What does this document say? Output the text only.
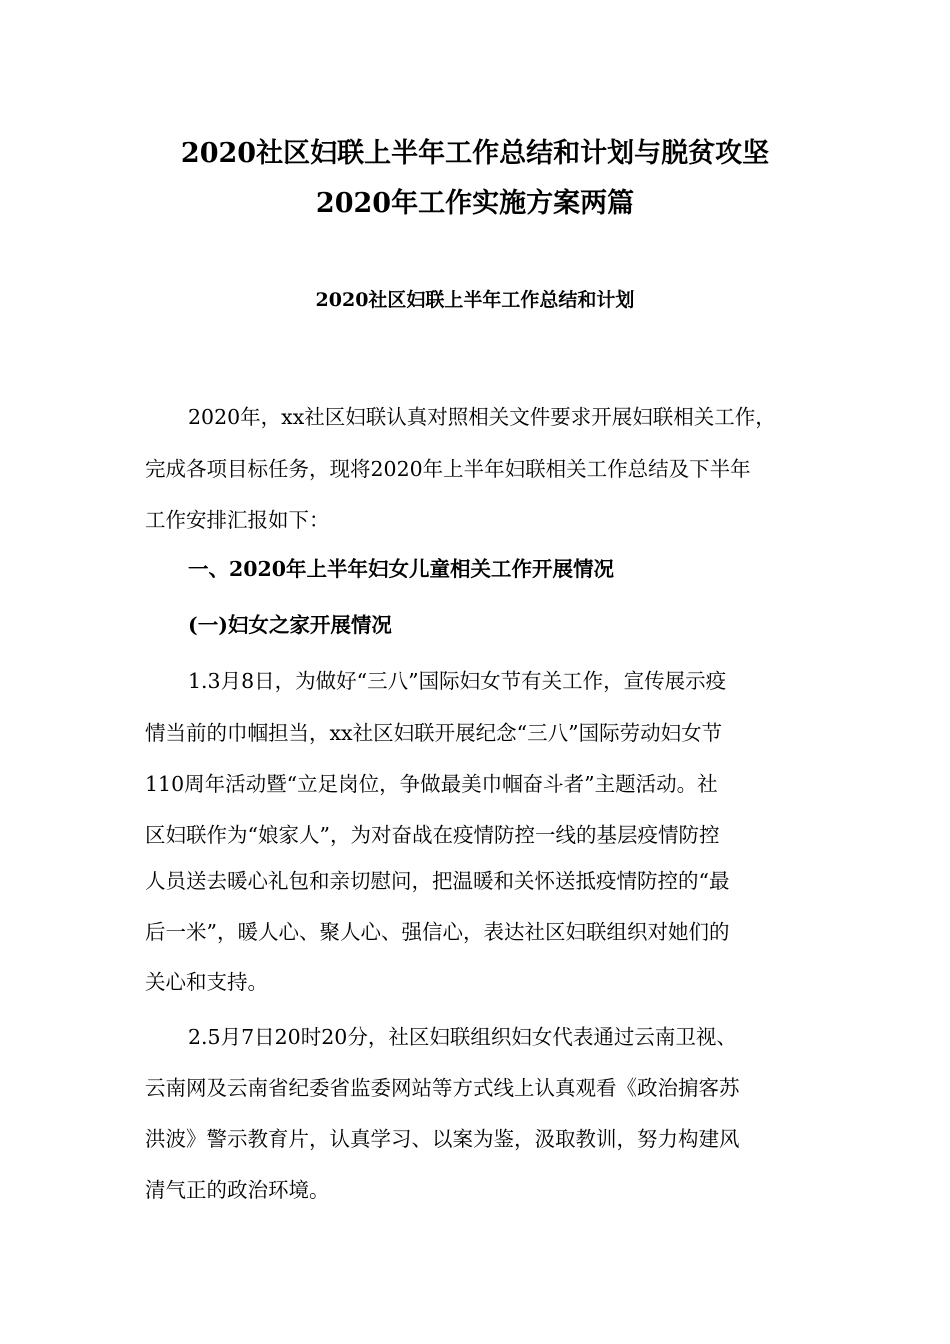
2020社区妇联上半年工作总结和计划与脱贫攻坚
2020年工作实施方案两篇
2020社区妇联上半年工作总结和计划
2020年，xx社区妇联认真对照相关文件要求开展妇联相关工作，
完成各项目标任务，现将2020年上半年妇联相关工作总结及下半年
工作安排汇报如下：
一、2020年上半年妇女儿童相关工作开展情况
(一)妇女之家开展情况
1.3月8日，为做好“三八”国际妇女节有关工作，宣传展示疫
情当前的巾帼担当，xx社区妇联开展纪念“三八”国际劳动妇女节
110周年活动暨“立足岗位，争做最美巾帼奋斗者”主题活动。社
区妇联作为“娘家人”，为对奋战在疫情防控一线的基层疫情防控
人员送去暖心礼包和亲切慰问，把温暖和关怀送抵疫情防控的“最
后一米”，暖人心、聚人心、强信心，表达社区妇联组织对她们的
关心和支持。
2.5月7日20时20分，社区妇联组织妇女代表通过云南卫视、
云南网及云南省纪委省监委网站等方式线上认真观看《政治掮客苏
洪波》警示教育片，认真学习、以案为鉴，汲取教训，努力构建风
清气正的政治环境。
